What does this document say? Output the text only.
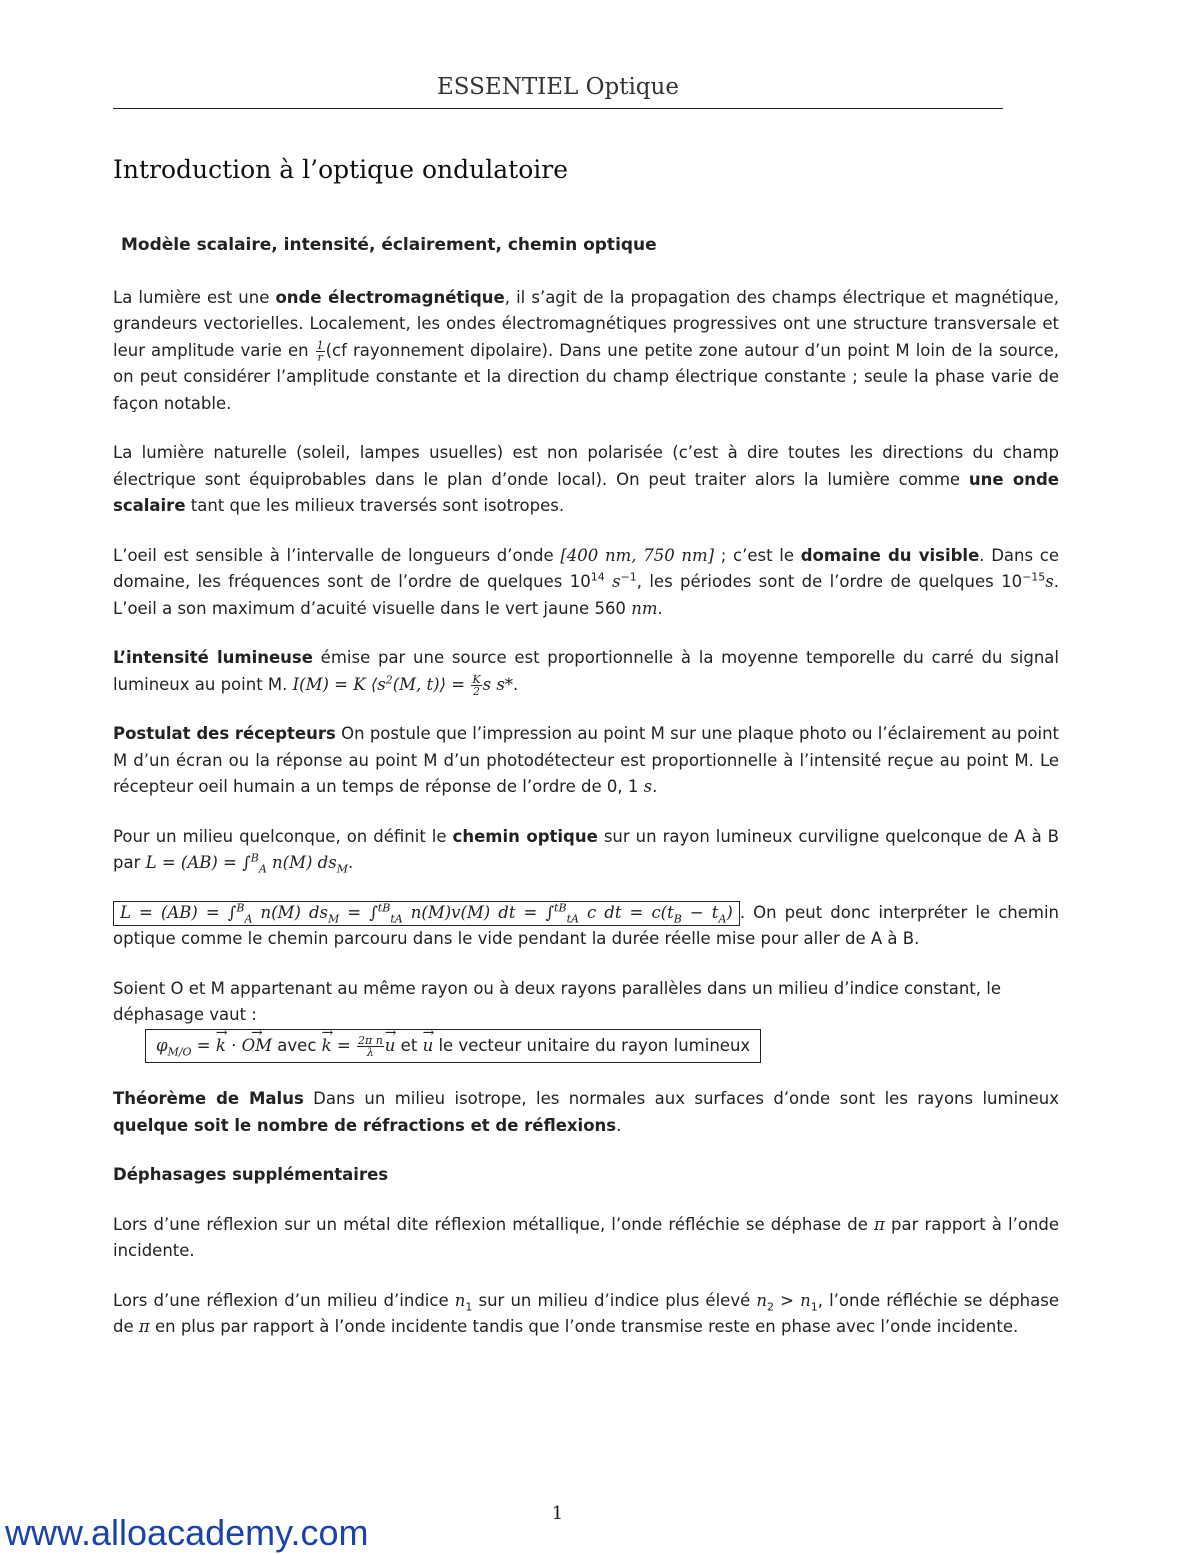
ESSENTIEL Optique
Introduction à l’optique ondulatoire

Modèle scalaire, intensité, éclairement, chemin optique

La lumière est une onde électromagnétique, il s’agit de la propagation des champs électrique et magnétique, grandeurs vectorielles. Localement, les ondes électromagnétiques progressives ont une structure transversale et leur amplitude varie en $\frac{1}{r} (cf$ rayonnement dipolaire). Dans une petite zone autour d’un point M loin de la source, on peut considérer l’amplitude constante et la direction du champ électrique constante ; seule la phase varie de façon notable.

La lumière naturelle (soleil, lampes usuelles) est non polarisée (c’est à dire toutes les directions du champ électrique sont équiprobables dans le plan d’onde local). On peut traiter alors la lumière comme une onde scalaire tant que les milieux traversés sont isotropes.

L’oeil est sensible à l’intervalle de longueurs d’onde [400 nm, 750 nm] ; c’est le domaine du visible. Dans ce domaine, les fréquences sont de l’ordre de quelques $10^{14}$ $s^{-1}$, les périodes sont de l’ordre de quelques $10^{-15}s$. L’oeil a son maximum d’acuité visuelle dans le vert jaune 560 nm.

L’intensité lumineuse émise par une source est proportionnelle à la moyenne temporelle du carré du signal lumineux au point M. I(M) = K $⟨s^2(M$, t)⟩ = $\frac{K}{2}$ s s*.

Postulat des récepteurs On postule que l’impression au point M sur une plaque photo ou l’éclairement au point M d’un écran ou la réponse au point M d’un photodétecteur est proportionnelle à l’intensité reçue au point M. Le récepteur oeil humain a un temps de réponse de l’ordre de 0, 1 s.

Pour un milieu quelconque, on définit le chemin optique sur un rayon lumineux curviligne quelconque de A à B par L = (AB) = ∫$^B_A$ n(M) $ds_M$.

L = (AB) = ∫$^B_A$ n(M) $ds_M = \int^{tB}_{tA}$ n(M)v(M) dt = ∫$^{tB}_{tA}$ c dt = $c(t_B - t_A)$ . On peut donc interpréter le chemin optique comme le chemin parcouru dans le vide pendant la durée réelle mise pour aller de A à B.

Soient O et M appartenant au même rayon ou à deux rayons parallèles dans un milieu d’indice constant, le déphasage vaut :
$\varphi_{M/O}$ = → k · → OM avec → $k = \frac{\text{2π n}}{\lambda}$
→ u et → u le vecteur unitaire du rayon lumineux

Théorème de Malus Dans un milieu isotrope, les normales aux surfaces d’onde sont les rayons lumineux quelque soit le nombre de réfractions et de réflexions.

Déphasages supplémentaires

Lors d’une réflexion sur un métal dite réflexion métallique, l’onde réfléchie se déphase de π par rapport à l’onde incidente.

Lors d’une réflexion d’un milieu d’indice $n_1$ sur un milieu d’indice plus élevé $n_2 > n_1$, l’onde réfléchie se déphase de π en plus par rapport à l’onde incidente tandis que l’onde transmise reste en phase avec l’onde incidente.

1
www.alloacademy.com
